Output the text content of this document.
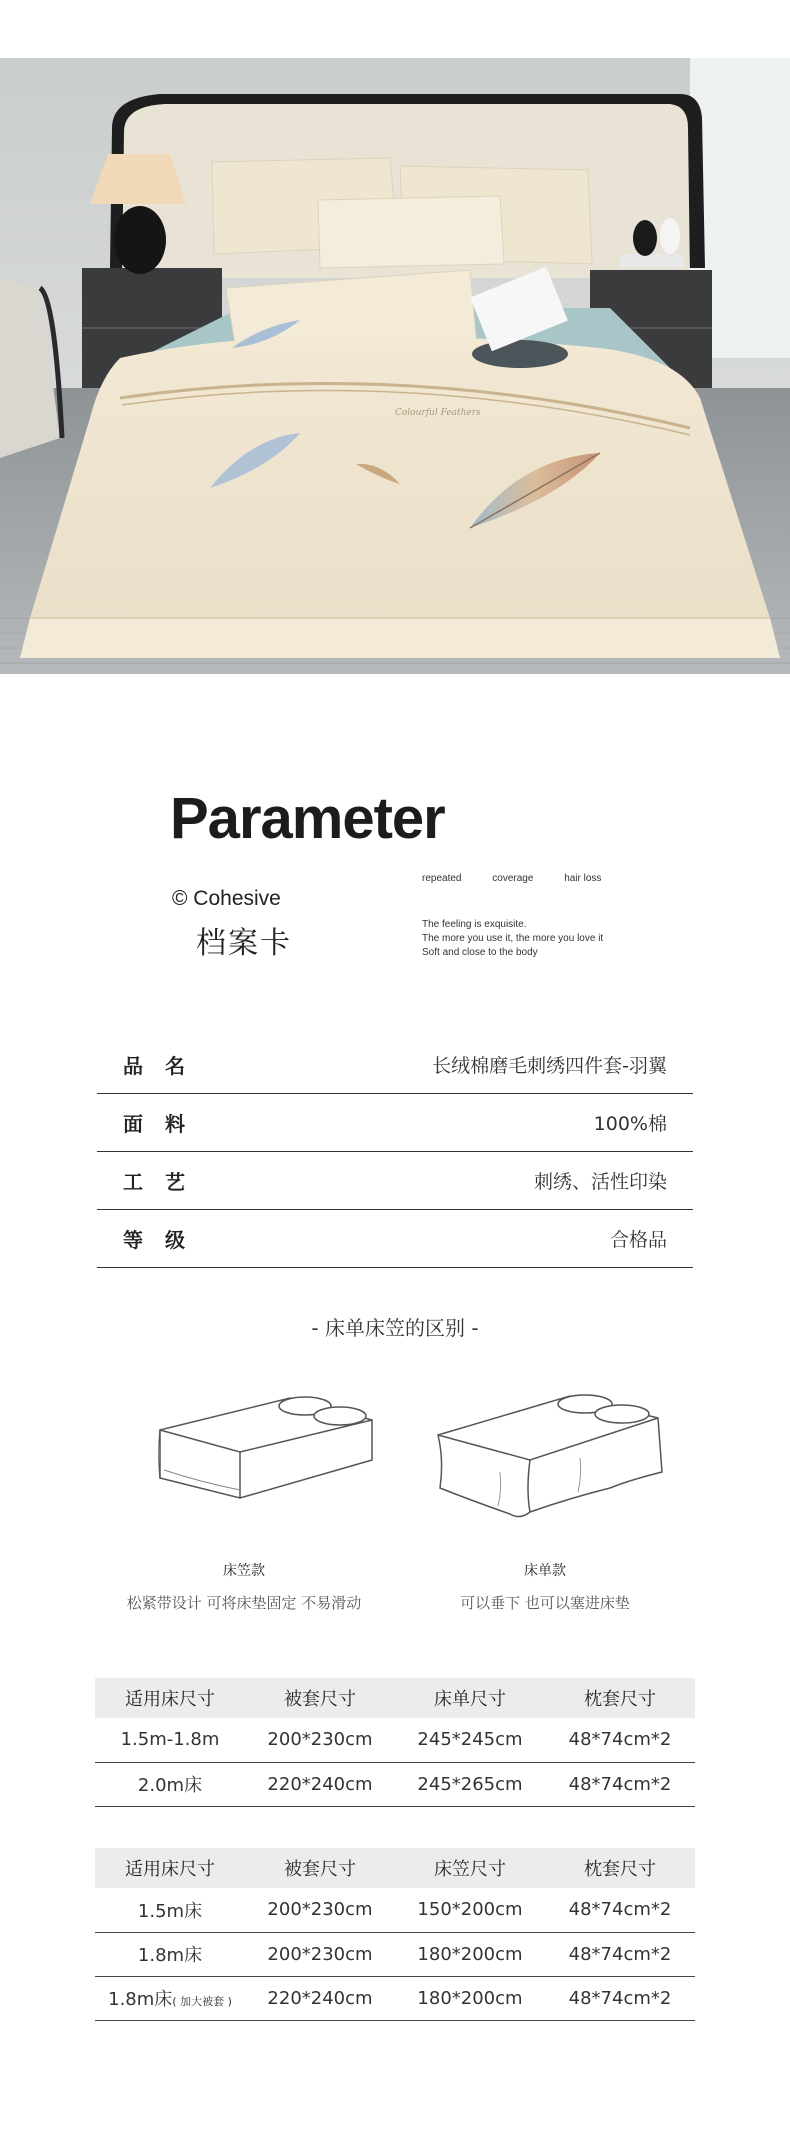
Colourful Feathers
Parameter
repeated	coverage	hair loss
© Cohesive
档案卡
The feeling is exquisite.
The more you use it, the more you love it
Soft and close to the body
品名	长绒棉磨毛刺绣四件套-羽翼
面料	100%棉
工艺	刺绣、活性印染
等级	合格品
- 床单床笠的区别 -
床笠款
松紧带设计 可将床垫固定 不易滑动
床单款
可以垂下 也可以塞进床垫
适用床尺寸	被套尺寸	床单尺寸	枕套尺寸
1.5m-1.8m	200*230cm	245*245cm	48*74cm*2
2.0m床	220*240cm	245*265cm	48*74cm*2
适用床尺寸	被套尺寸	床笠尺寸	枕套尺寸
1.5m床	200*230cm	150*200cm	48*74cm*2
1.8m床	200*230cm	180*200cm	48*74cm*2
1.8m床( 加大被套 )	220*240cm	180*200cm	48*74cm*2
